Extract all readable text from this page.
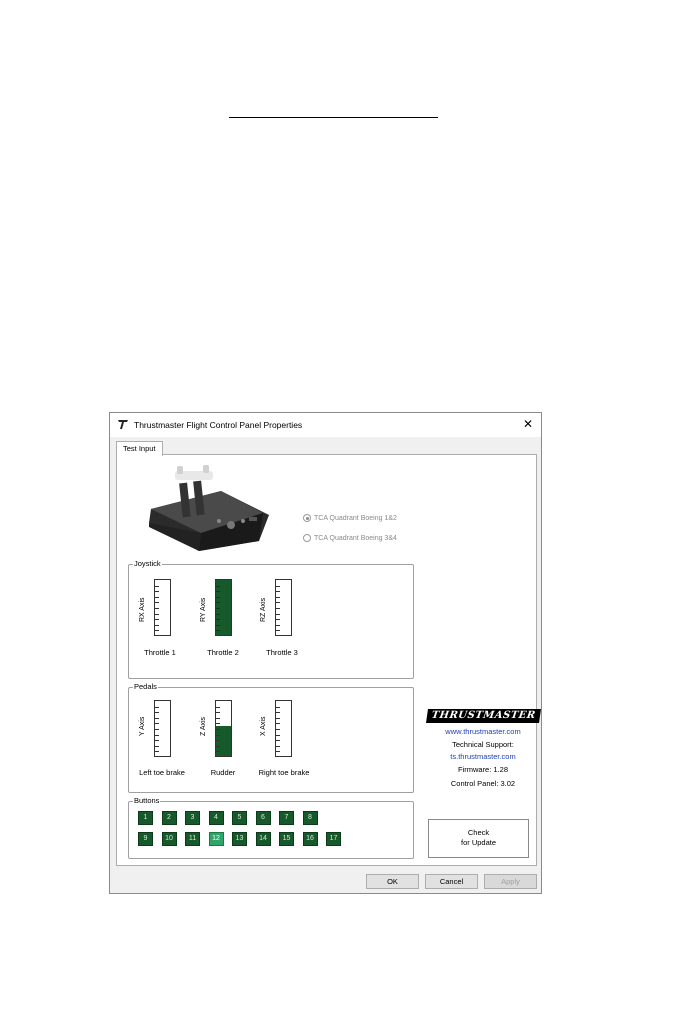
Thrustmaster Flight Control Panel Properties	✕
Test Input
TCA Quadrant Boeing 1&2
TCA Quadrant Boeing 3&4
Joystick
RX Axis
Throttle 1
RY Axis
Throttle 2
RZ Axis
Throttle 3
Pedals
Y Axis
Left toe brake
Z Axis
Rudder
X Axis
Right toe brake
Buttons
1	2	3	4	5	6	7	8
9	10	11	12	13	14	15	16	17
THRUSTMASTER
www.thrustmaster.com
Technical Support:
ts.thrustmaster.com
Firmware: 1.28
Control Panel: 3.02
Check
for Update
OK	Cancel	Apply
